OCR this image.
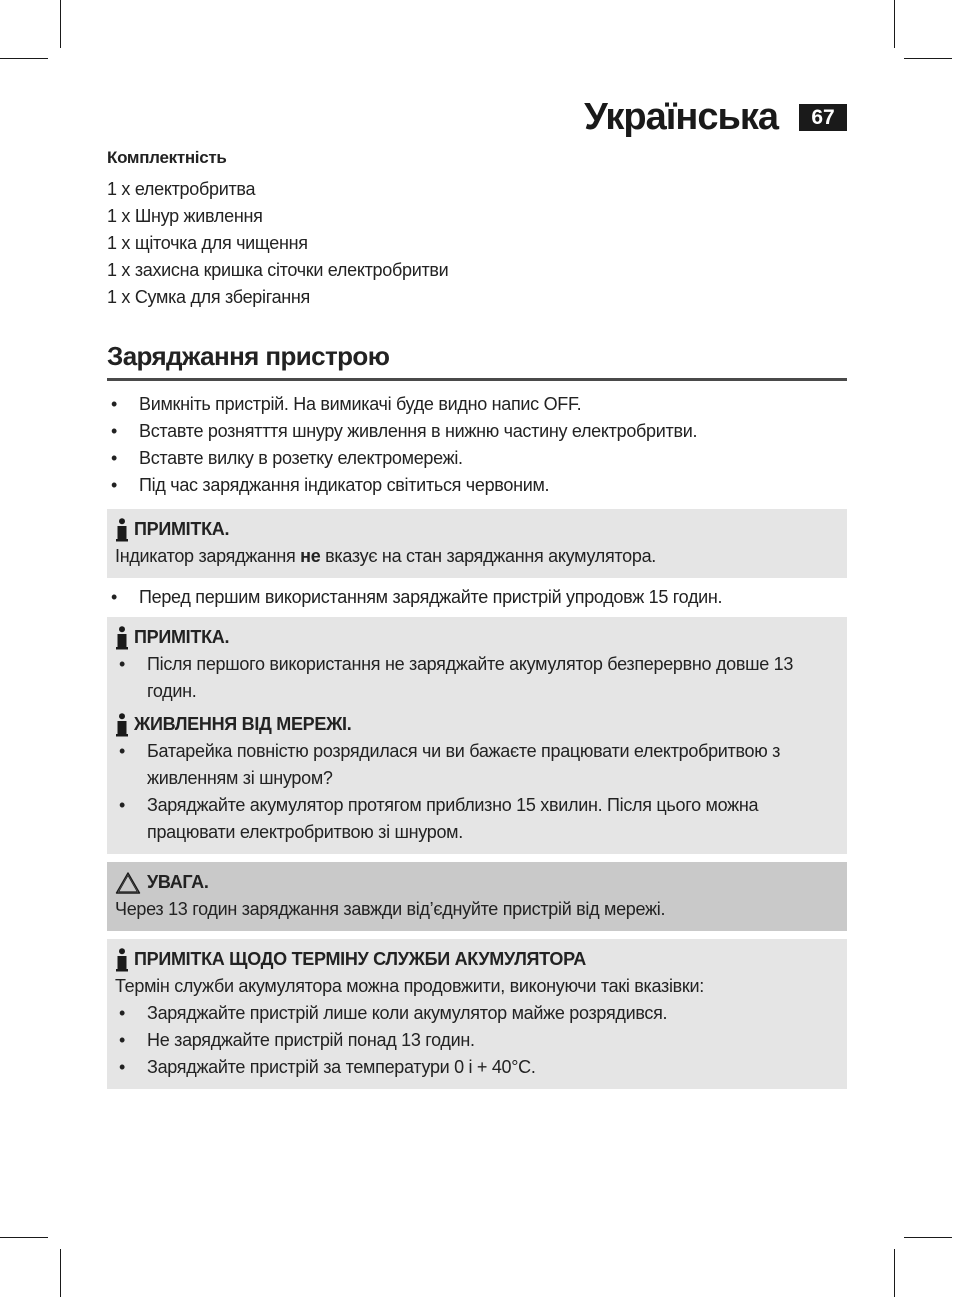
Українська	67
Комплектність
1 x електробритва
1 x Шнур живлення
1 x щіточка для чищення
1 x захисна кришка сіточки електробритви
1 x Сумка для зберігання
Заряджання пристрою
• Вимкніть пристрій. На вимикачі буде видно напис OFF.
• Вставте рознятття шнуру живлення в нижню частину електробритви.
• Вставте вилку в розетку електромережі.
• Під час заряджання індикатор світиться червоним.
ПРИМІТКА.
Індикатор заряджання не вказує на стан заряджання акумулятора.
• Перед першим використанням заряджайте пристрій упродовж 15 годин.
ПРИМІТКА.
• Після першого використання не заряджайте акумулятор безперервно довше 13 годин.
ЖИВЛЕННЯ ВІД МЕРЕЖІ.
• Батарейка повністю розрядилася чи ви бажаєте працювати електробритвою з живленням зі шнуром?
• Заряджайте акумулятор протягом приблизно 15 хвилин. Після цього можна працювати електробритвою зі шнуром.
УВАГА.
Через 13 годин заряджання завжди від’єднуйте пристрій від мережі.
ПРИМІТКА ЩОДО ТЕРМІНУ СЛУЖБИ АКУМУЛЯТОРА
Термін служби акумулятора можна продовжити, виконуючи такі вказівки:
• Заряджайте пристрій лише коли акумулятор майже розрядився.
• Не заряджайте пристрій понад 13 годин.
• Заряджайте пристрій за температури 0 і + 40°C.
